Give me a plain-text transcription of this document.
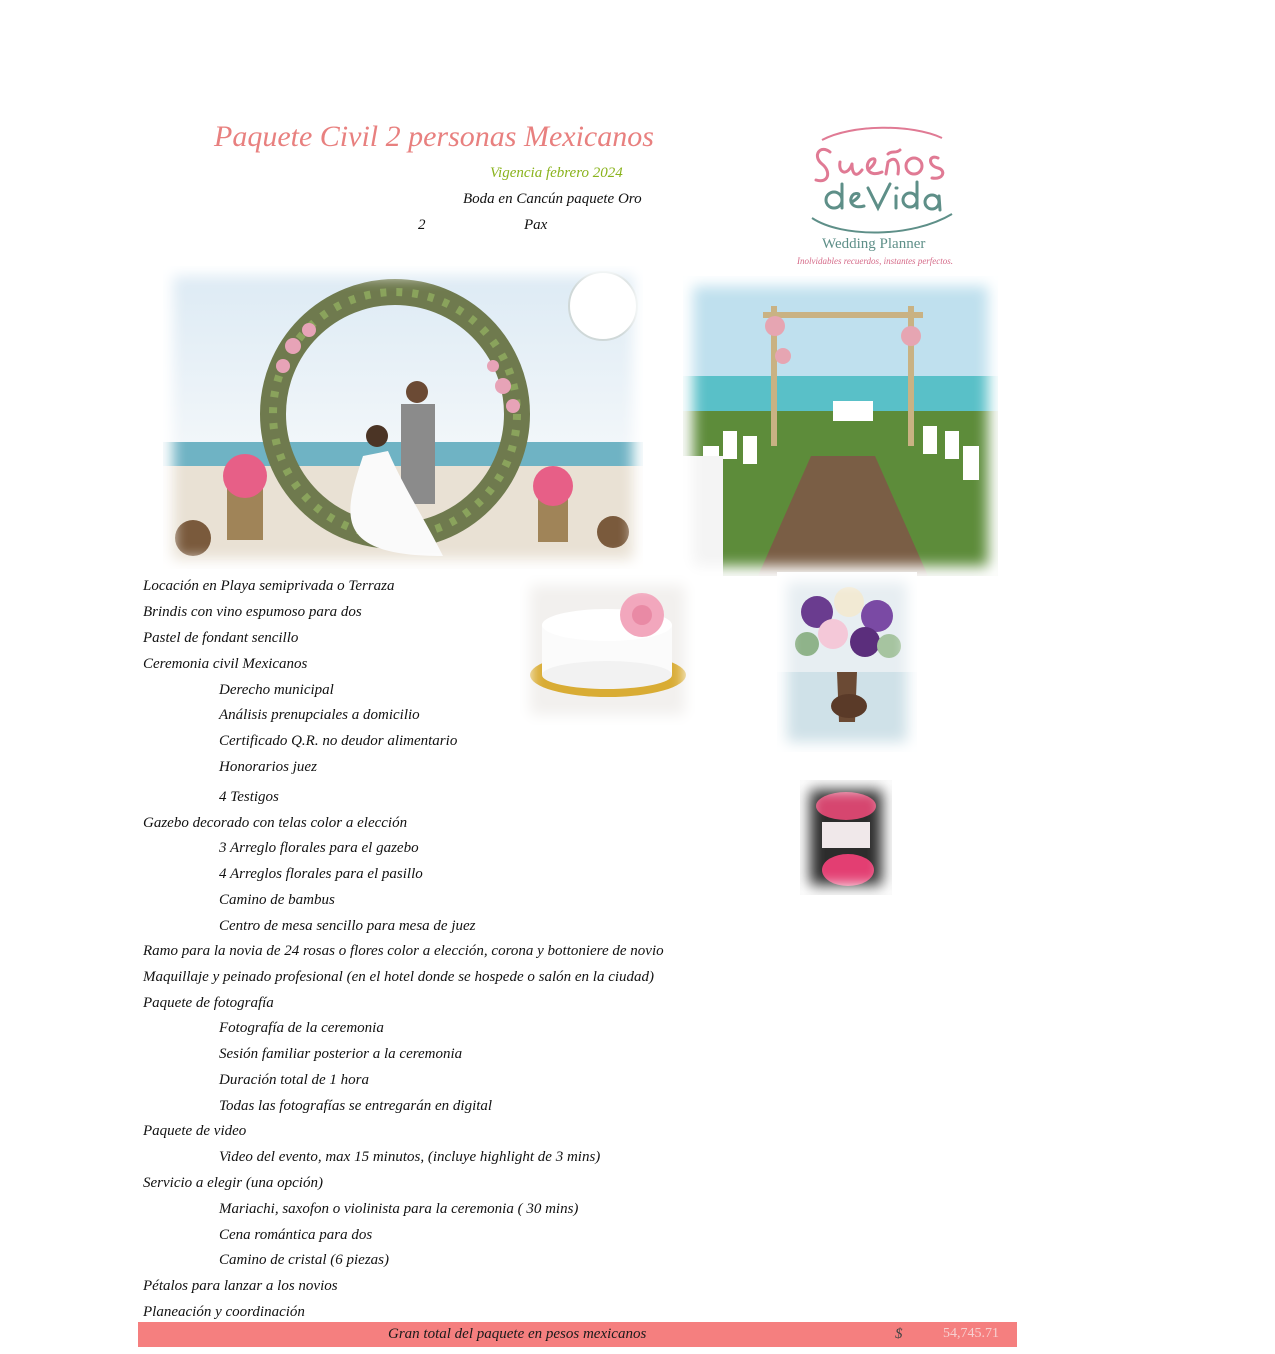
Paquete Civil 2 personas Mexicanos
Vigencia febrero 2024
Boda en Cancún paquete Oro
2	Pax
Wedding Planner
Inolvidables recuerdos, instantes perfectos.
Locación en Playa semiprivada o Terraza
Brindis con vino espumoso para dos
Pastel de fondant sencillo
Ceremonia civil Mexicanos
Derecho municipal
Análisis prenupciales a domicilio
Certificado Q.R. no deudor alimentario
Honorarios juez
4 Testigos
Gazebo decorado con telas color a elección
3 Arreglo florales para el gazebo
4 Arreglos florales para el pasillo
Camino de bambus
Centro de mesa sencillo para mesa de juez
Ramo para la novia de 24 rosas o flores color a elección, corona y bottoniere de novio
Maquillaje y peinado profesional (en el hotel donde se hospede o salón en la ciudad)
Paquete de fotografía
Fotografía de la ceremonia
Sesión familiar posterior a la ceremonia
Duración total de 1 hora
Todas las fotografías se entregarán en digital
Paquete de video
Video del evento, max 15 minutos, (incluye highlight de 3 mins)
Servicio a elegir (una opción)
Mariachi, saxofon o violinista para la ceremonia ( 30 mins)
Cena romántica para dos
Camino de cristal (6 piezas)
Pétalos para lanzar a los novios
Planeación y coordinación
Gran total del paquete en pesos mexicanos	$	54,745.71
